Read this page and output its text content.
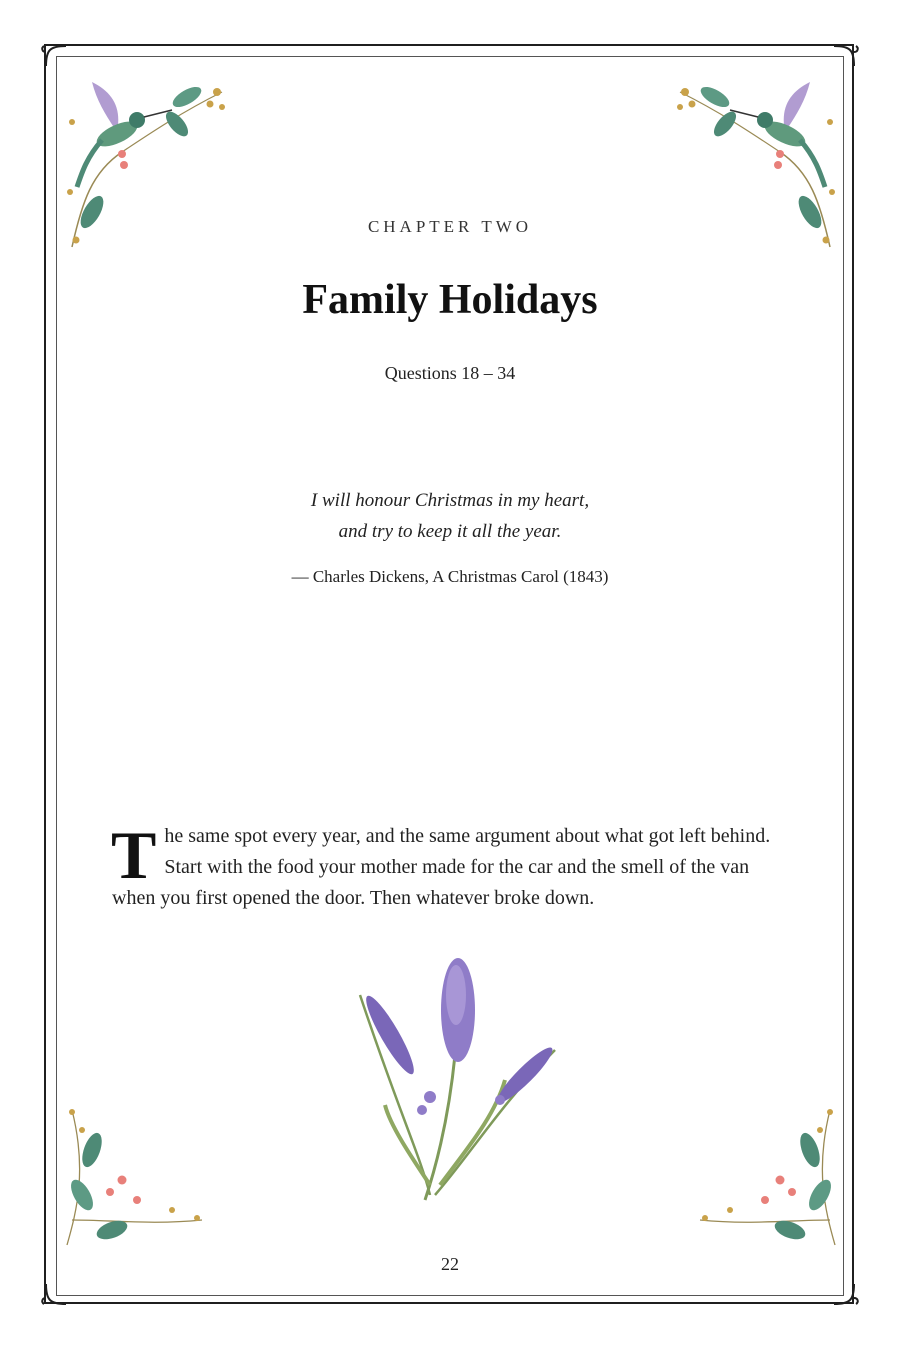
CHAPTER TWO
Family Holidays
Questions 18 – 34
I will honour Christmas in my heart,
and try to keep it all the year.
— Charles Dickens, A Christmas Carol (1843)
The same spot every year, and the same argument about what got left behind. Start with the food your mother made for the car and the smell of the van when you first opened the door. Then whatever broke down.
22
